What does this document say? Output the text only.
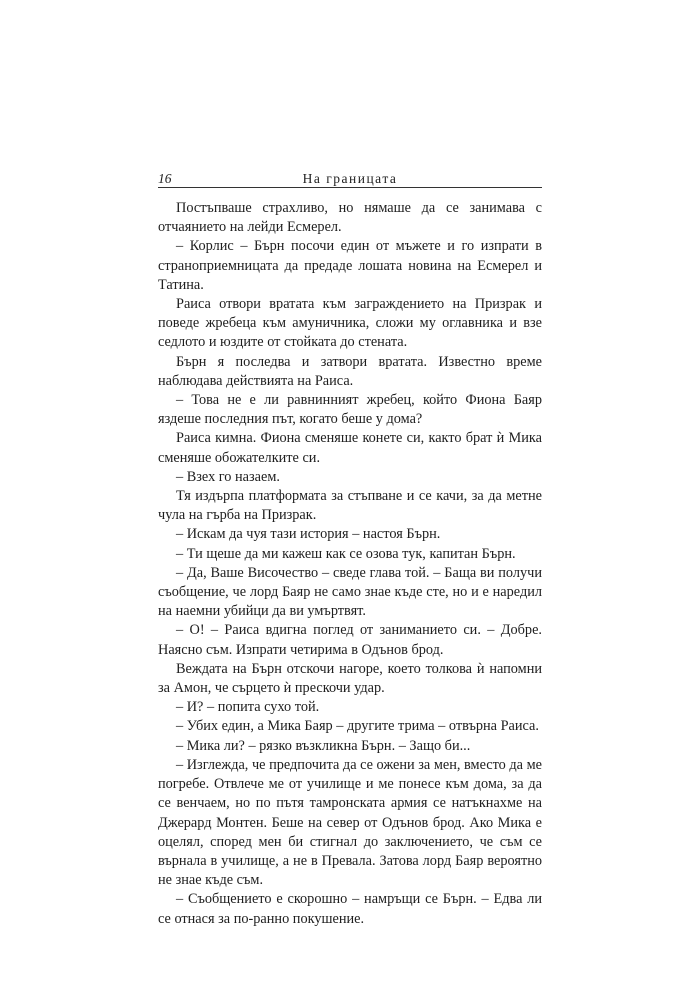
16	На границата

Постъпваше страхливо, но нямаше да се занимава с отчаянието на лейди Есмерел.

– Корлис – Бърн посочи един от мъжете и го изпрати в страноприемницата да предаде лошата новина на Есмерел и Татина.

Раиса отвори вратата към заграждението на Призрак и поведе жребеца към амуничника, сложи му оглавника и взе седлото и юздите от стойката до стената.

Бърн я последва и затвори вратата. Известно време наблюдава действията на Раиса.

– Това не е ли равнинният жребец, който Фиона Баяр яздеше последния път, когато беше у дома?

Раиса кимна. Фиона сменяше конете си, както брат ѝ Мика сменяше обожателките си.

– Взех го назаем.

Тя издърпа платформата за стъпване и се качи, за да метне чула на гърба на Призрак.

– Искам да чуя тази история – настоя Бърн.

– Ти щеше да ми кажеш как се озова тук, капитан Бърн.

– Да, Ваше Височество – сведе глава той. – Баща ви получи съобщение, че лорд Баяр не само знае къде сте, но и е наредил на наемни убийци да ви умъртвят.

– О! – Раиса вдигна поглед от заниманието си. – Добре. Наясно съм. Изпрати четирима в Одънов брод.

Веждата на Бърн отскочи нагоре, което толкова ѝ напомни за Амон, че сърцето ѝ прескочи удар.

– И? – попита сухо той.

– Убих един, а Мика Баяр – другите трима – отвърна Раиса.

– Мика ли? – рязко възкликна Бърн. – Защо би...

– Изглежда, че предпочита да се ожени за мен, вместо да ме погребе. Отвлече ме от училище и ме понесе към дома, за да се венчаем, но по пътя тамронската армия се натъкнахме на Джерард Монтен. Беше на север от Одънов брод. Ако Мика е оцелял, според мен би стигнал до заключението, че съм се върнала в училище, а не в Превала. Затова лорд Баяр вероятно не знае къде съм.

– Съобщението е скорошно – намръщи се Бърн. – Едва ли се отнася за по-ранно покушение.
